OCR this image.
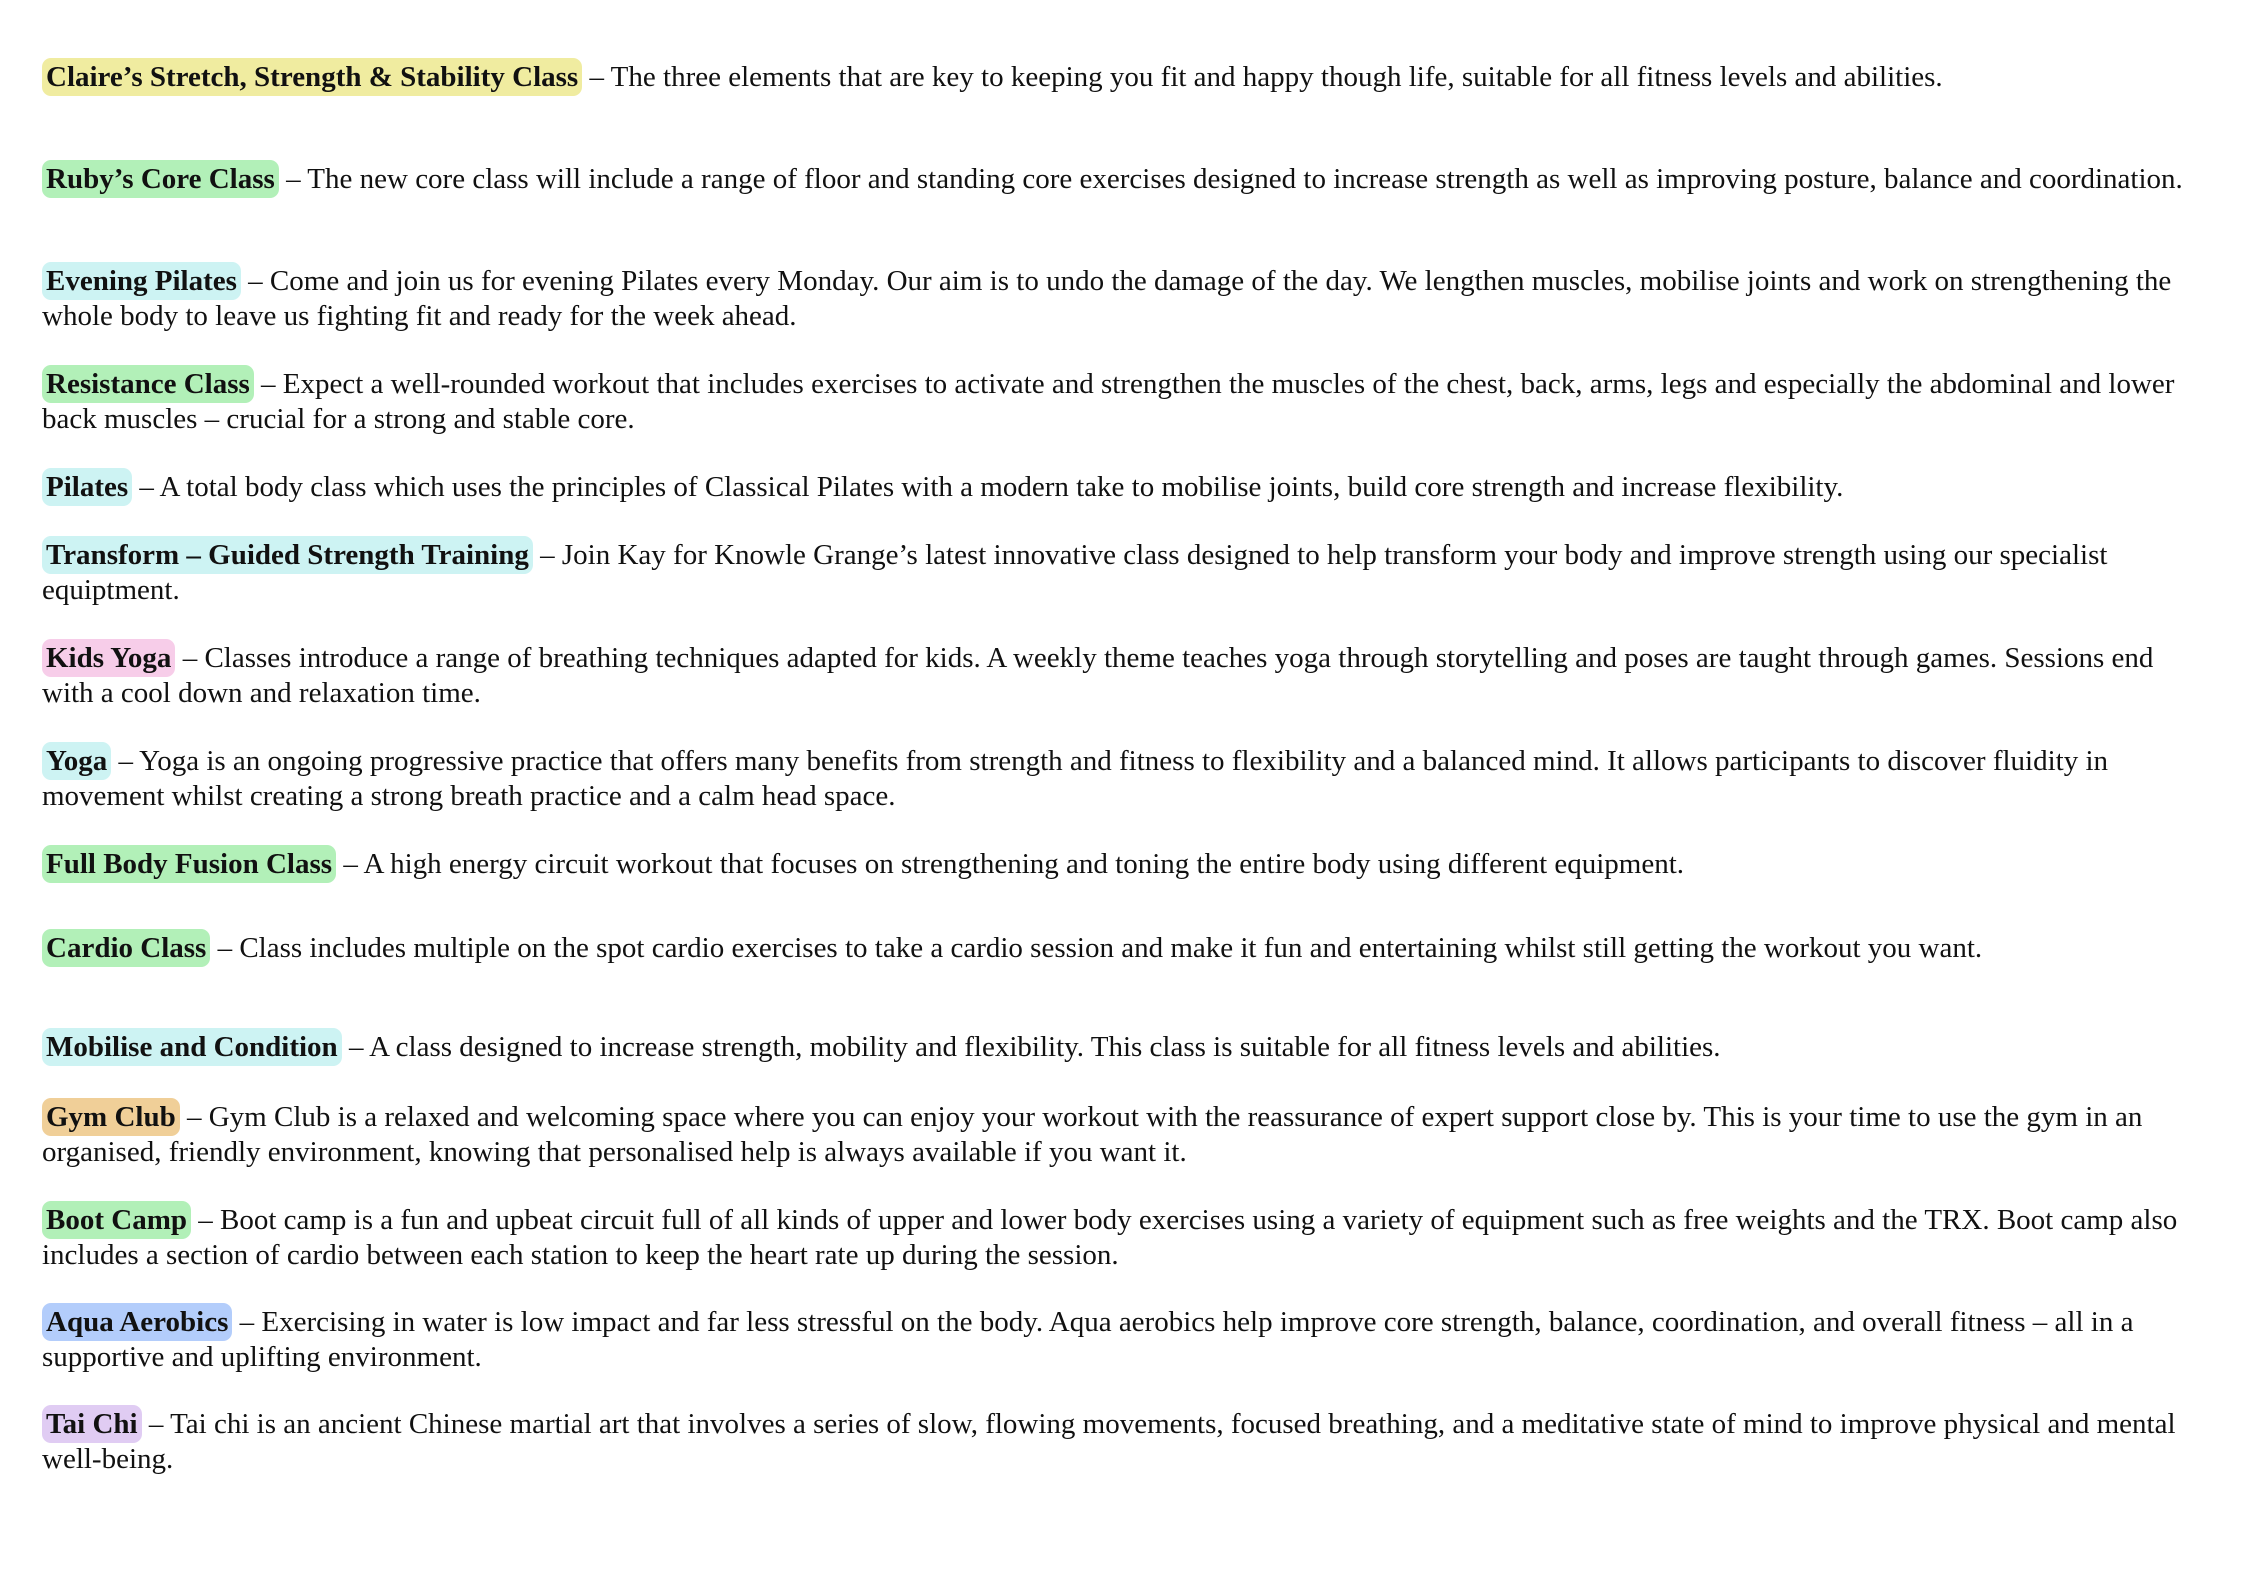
Claire’s Stretch, Strength & Stability Class – The three elements that are key to keeping you fit and happy though life, suitable for all fitness levels and abilities.
Ruby’s Core Class – The new core class will include a range of floor and standing core exercises designed to increase strength as well as improving posture, balance and coordination.
Evening Pilates – Come and join us for evening Pilates every Monday. Our aim is to undo the damage of the day. We lengthen muscles, mobilise joints and work on strengthening the whole body to leave us fighting fit and ready for the week ahead.
Resistance Class – Expect a well-rounded workout that includes exercises to activate and strengthen the muscles of the chest, back, arms, legs and especially the abdominal and lower back muscles – crucial for a strong and stable core.
Pilates – A total body class which uses the principles of Classical Pilates with a modern take to mobilise joints, build core strength and increase flexibility.
Transform – Guided Strength Training – Join Kay for Knowle Grange’s latest innovative class designed to help transform your body and improve strength using our specialist equiptment.
Kids Yoga – Classes introduce a range of breathing techniques adapted for kids. A weekly theme teaches yoga through storytelling and poses are taught through games. Sessions end with a cool down and relaxation time.
Yoga – Yoga is an ongoing progressive practice that offers many benefits from strength and fitness to flexibility and a balanced mind. It allows participants to discover fluidity in movement whilst creating a strong breath practice and a calm head space.
Full Body Fusion Class – A high energy circuit workout that focuses on strengthening and toning the entire body using different equipment.
Cardio Class – Class includes multiple on the spot cardio exercises to take a cardio session and make it fun and entertaining whilst still getting the workout you want.
Mobilise and Condition – A class designed to increase strength, mobility and flexibility. This class is suitable for all fitness levels and abilities.
Gym Club – Gym Club is a relaxed and welcoming space where you can enjoy your workout with the reassurance of expert support close by. This is your time to use the gym in an organised, friendly environment, knowing that personalised help is always available if you want it.
Boot Camp – Boot camp is a fun and upbeat circuit full of all kinds of upper and lower body exercises using a variety of equipment such as free weights and the TRX. Boot camp also includes a section of cardio between each station to keep the heart rate up during the session.
Aqua Aerobics – Exercising in water is low impact and far less stressful on the body. Aqua aerobics help improve core strength, balance, coordination, and overall fitness – all in a supportive and uplifting environment.
Tai Chi – Tai chi is an ancient Chinese martial art that involves a series of slow, flowing movements, focused breathing, and a meditative state of mind to improve physical and mental well-being.
